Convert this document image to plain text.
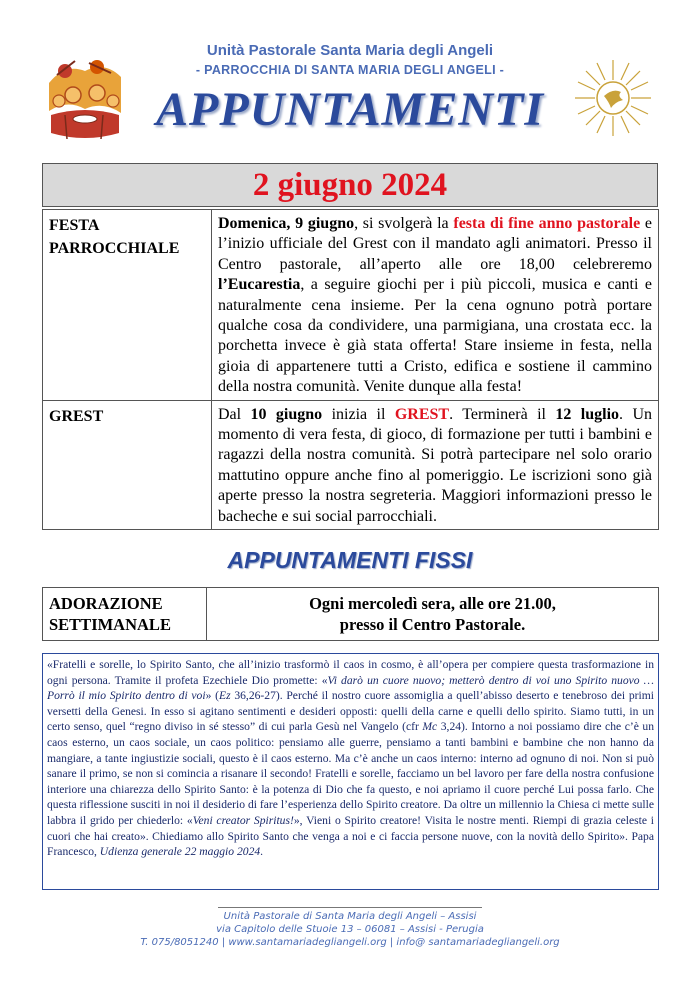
Unità Pastorale Santa Maria degli Angeli
- PARROCCHIA DI SANTA MARIA DEGLI ANGELI -
APPUNTAMENTI
2 giugno 2024
FESTA
PARROCCHIALE	Domenica, 9 giugno, si svolgerà la festa di fine anno pastorale e l’inizio ufficiale del Grest con il mandato agli animatori. Presso il Centro pastorale, all’aperto alle ore 18,00 celebreremo l’Eucarestia, a seguire giochi per i più piccoli, musica e canti e naturalmente cena insieme. Per la cena ognuno potrà portare qualche cosa da condividere, una parmigiana, una crostata ecc. la porchetta invece è già stata offerta! Stare insieme in festa, nella gioia di appartenere tutti a Cristo, edifica e sostiene il cammino della nostra comunità. Venite dunque alla festa!
GREST	Dal 10 giugno inizia il GREST. Terminerà il 12 luglio. Un momento di vera festa, di gioco, di formazione per tutti i bambini e ragazzi della nostra comunità. Si potrà partecipare nel solo orario mattutino oppure anche fino al pomeriggio. Le iscrizioni sono già aperte presso la nostra segreteria. Maggiori informazioni presso le bacheche e sui social parrocchiali.
APPUNTAMENTI FISSI
ADORAZIONE
SETTIMANALE	Ogni mercoledì sera, alle ore 21.00,
presso il Centro Pastorale.
«Fratelli e sorelle, lo Spirito Santo, che all’inizio trasformò il caos in cosmo, è all’opera per compiere questa trasformazione in ogni persona. Tramite il profeta Ezechiele Dio promette: «Vi darò un cuore nuovo; metterò dentro di voi uno Spirito nuovo … Porrò il mio Spirito dentro di voi» (Ez 36,26-27). Perché il nostro cuore assomiglia a quell’abisso deserto e tenebroso dei primi versetti della Genesi. In esso si agitano sentimenti e desideri opposti: quelli della carne e quelli dello spirito. Siamo tutti, in un certo senso, quel “regno diviso in sé stesso” di cui parla Gesù nel Vangelo (cfr Mc 3,24). Intorno a noi possiamo dire che c’è un caos esterno, un caos sociale, un caos politico: pensiamo alle guerre, pensiamo a tanti bambini e bambine che non hanno da mangiare, a tante ingiustizie sociali, questo è il caos esterno. Ma c’è anche un caos interno: interno ad ognuno di noi. Non si può sanare il primo, se non si comincia a risanare il secondo! Fratelli e sorelle, facciamo un bel lavoro per fare della nostra confusione interiore una chiarezza dello Spirito Santo: è la potenza di Dio che fa questo, e noi apriamo il cuore perché Lui possa farlo. Che questa riflessione susciti in noi il desiderio di fare l’esperienza dello Spirito creatore. Da oltre un millennio la Chiesa ci mette sulle labbra il grido per chiederlo: «Veni creator Spiritus!», Vieni o Spirito creatore! Visita le nostre menti. Riempi di grazia celeste i cuori che hai creato». Chiediamo allo Spirito Santo che venga a noi e ci faccia persone nuove, con la novità dello Spirito». Papa Francesco, Udienza generale 22 maggio 2024.
Unità Pastorale di Santa Maria degli Angeli – Assisi
via Capitolo delle Stuoie 13 – 06081 – Assisi - Perugia
T. 075/8051240 | www.santamariadegliangeli.org | info@ santamariadegliangeli.org
